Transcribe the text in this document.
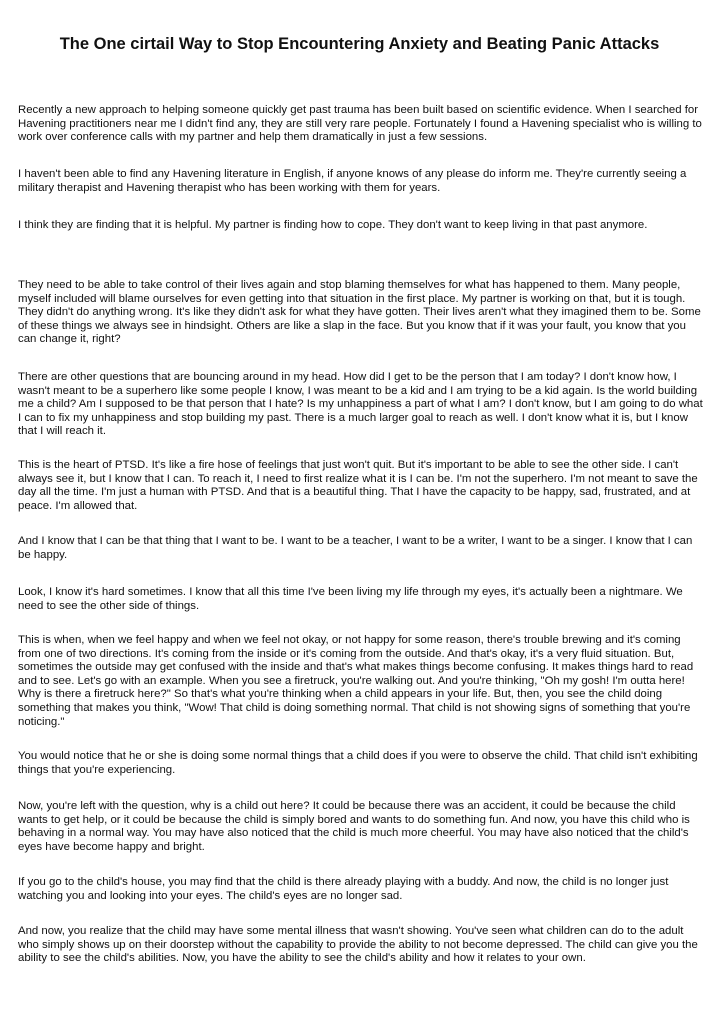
The One cirtail Way to Stop Encountering Anxiety and Beating Panic Attacks

Recently a new approach to helping someone quickly get past trauma has been built based on scientific evidence. When I searched for Havening practitioners near me I didn't find any, they are still very rare people. Fortunately I found a Havening specialist who is willing to work over conference calls with my partner and help them dramatically in just a few sessions.

I haven't been able to find any Havening literature in English, if anyone knows of any please do inform me. They're currently seeing a military therapist and Havening therapist who has been working with them for years.

I think they are finding that it is helpful. My partner is finding how to cope. They don't want to keep living in that past anymore.

They need to be able to take control of their lives again and stop blaming themselves for what has happened to them. Many people, myself included will blame ourselves for even getting into that situation in the first place. My partner is working on that, but it is tough. They didn't do anything wrong. It's like they didn't ask for what they have gotten. Their lives aren't what they imagined them to be. Some of these things we always see in hindsight. Others are like a slap in the face. But you know that if it was your fault, you know that you can change it, right?

There are other questions that are bouncing around in my head. How did I get to be the person that I am today? I don't know how, I wasn't meant to be a superhero like some people I know, I was meant to be a kid and I am trying to be a kid again. Is the world building me a child? Am I supposed to be that person that I hate? Is my unhappiness a part of what I am? I don't know, but I am going to do what I can to fix my unhappiness and stop building my past. There is a much larger goal to reach as well. I don't know what it is, but I know that I will reach it.

This is the heart of PTSD. It's like a fire hose of feelings that just won't quit. But it's important to be able to see the other side. I can't always see it, but I know that I can. To reach it, I need to first realize what it is I can be. I'm not the superhero. I'm not meant to save the day all the time. I'm just a human with PTSD. And that is a beautiful thing. That I have the capacity to be happy, sad, frustrated, and at peace. I'm allowed that.

And I know that I can be that thing that I want to be. I want to be a teacher, I want to be a writer, I want to be a singer. I know that I can be happy.

Look, I know it's hard sometimes. I know that all this time I've been living my life through my eyes, it's actually been a nightmare. We need to see the other side of things.

This is when, when we feel happy and when we feel not okay, or not happy for some reason, there's trouble brewing and it's coming from one of two directions. It's coming from the inside or it's coming from the outside. And that's okay, it's a very fluid situation. But, sometimes the outside may get confused with the inside and that's what makes things become confusing. It makes things hard to read and to see. Let's go with an example. When you see a firetruck, you're walking out. And you're thinking, "Oh my gosh! I'm outta here! Why is there a firetruck here?" So that's what you're thinking when a child appears in your life. But, then, you see the child doing something that makes you think, "Wow! That child is doing something normal. That child is not showing signs of something that you're noticing."

You would notice that he or she is doing some normal things that a child does if you were to observe the child. That child isn't exhibiting things that you're experiencing.

Now, you're left with the question, why is a child out here? It could be because there was an accident, it could be because the child wants to get help, or it could be because the child is simply bored and wants to do something fun. And now, you have this child who is behaving in a normal way. You may have also noticed that the child is much more cheerful. You may have also noticed that the child's eyes have become happy and bright.

If you go to the child's house, you may find that the child is there already playing with a buddy. And now, the child is no longer just watching you and looking into your eyes. The child's eyes are no longer sad.

And now, you realize that the child may have some mental illness that wasn't showing. You've seen what children can do to the adult who simply shows up on their doorstep without the capability to provide the ability to not become depressed. The child can give you the ability to see the child's abilities. Now, you have the ability to see the child's ability and how it relates to your own.
